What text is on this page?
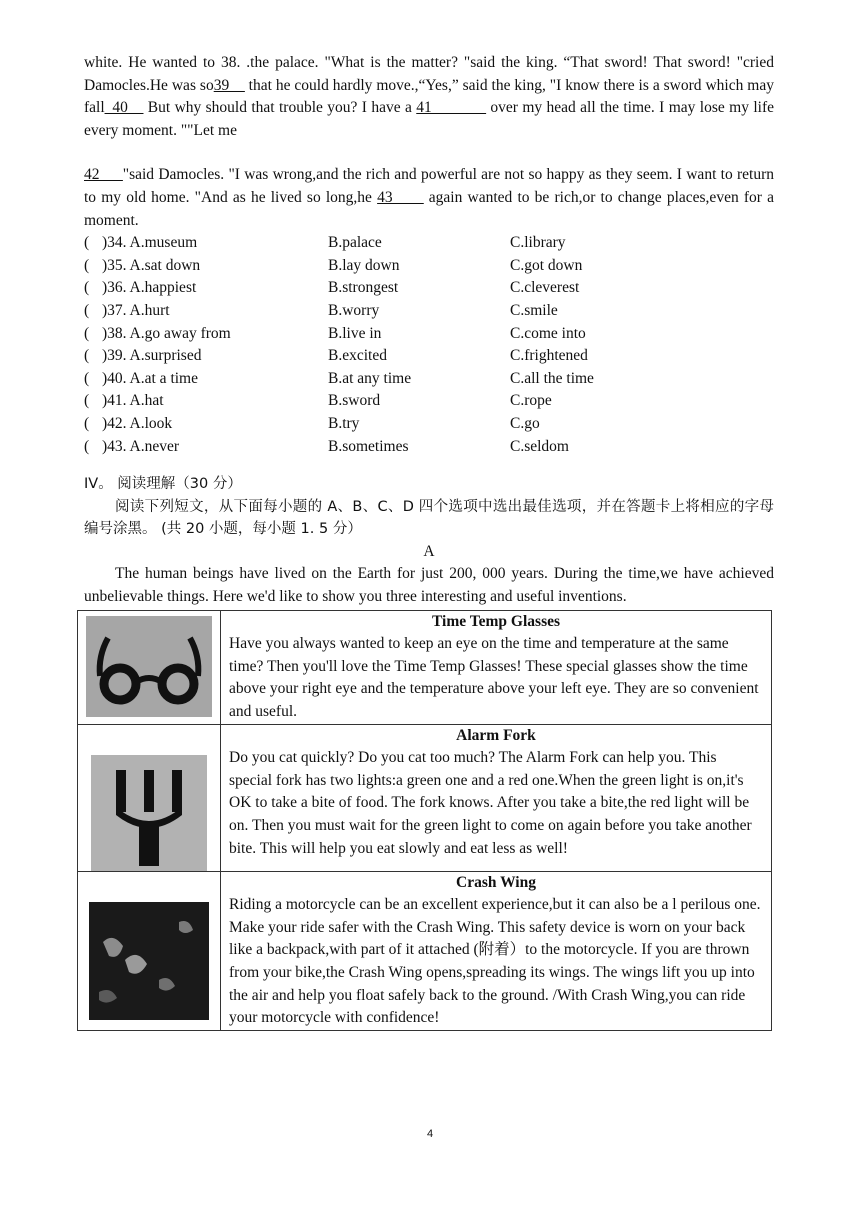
white. He wanted to 38. .the palace. "What is the matter? "said the king. “That sword! That sword! "cried Damocles.He was so39__ that he could hardly move.,“Yes,” said the king, "I know there is a sword which may fall_40__ But why should that trouble you? I have a 41_______ over my head all the time. I may lose my life every moment. ""Let me

42___"said Damocles. "I was wrong,and the rich and powerful are not so happy as they seem. I want to return to my old home. "And as he lived so long,he 43____ again wanted to be rich,or to change places,even for a moment.

( )34. A.museum	B.palace	C.library
( )35. A.sat down	B.lay down	C.got down
( )36. A.happiest	B.strongest	C.cleverest
( )37. A.hurt	B.worry	C.smile
( )38. A.go away from	B.live in	C.come into
( )39. A.surprised	B.excited	C.frightened
( )40. A.at a time	B.at any time	C.all the time
( )41. A.hat	B.sword	C.rope
( )42. A.look	B.try	C.go
( )43. A.never	B.sometimes	C.seldom
IV。 阅读理解（30 分）

阅读下列短文，从下面每小题的 A、B、C、D 四个选项中选出最佳选项，并在答题卡上将相应的字母编号涂黑。 (共 20 小题，每小题 1. 5 分）

A

The human beings have lived on the Earth for just 200, 000 years. During the time,we have achieved unbelievable things. Here we'd like to show you three interesting and useful inventions.

Time Temp Glasses

Have you always wanted to keep an eye on the time and temperature at the same time? Then you'll love the Time Temp Glasses! These special glasses show the time above your right eye and the temperature above your left eye. They are so convenient and useful.

Alarm Fork

Do you cat quickly? Do you cat too much? The Alarm Fork can help you. This special fork has two lights:a green one and a red one.When the green light is on,it's OK to take a bite of food. The fork knows. After you take a bite,the red light will be on. Then you must wait for the green light to come on again before you take another bite. This will help you eat slowly and eat less as well!

Crash Wing

Riding a motorcycle can be an excellent experience,but it can also be a l perilous one. Make your ride safer with the Crash Wing. This safety device is worn on your back like a backpack,with part of it attached (附着）to the motorcycle. If you are thrown from your bike,the Crash Wing opens,spreading its wings. The wings lift you up into the air and help you float safely back to the ground. /With Crash Wing,you can ride your motorcycle with confidence!

4
